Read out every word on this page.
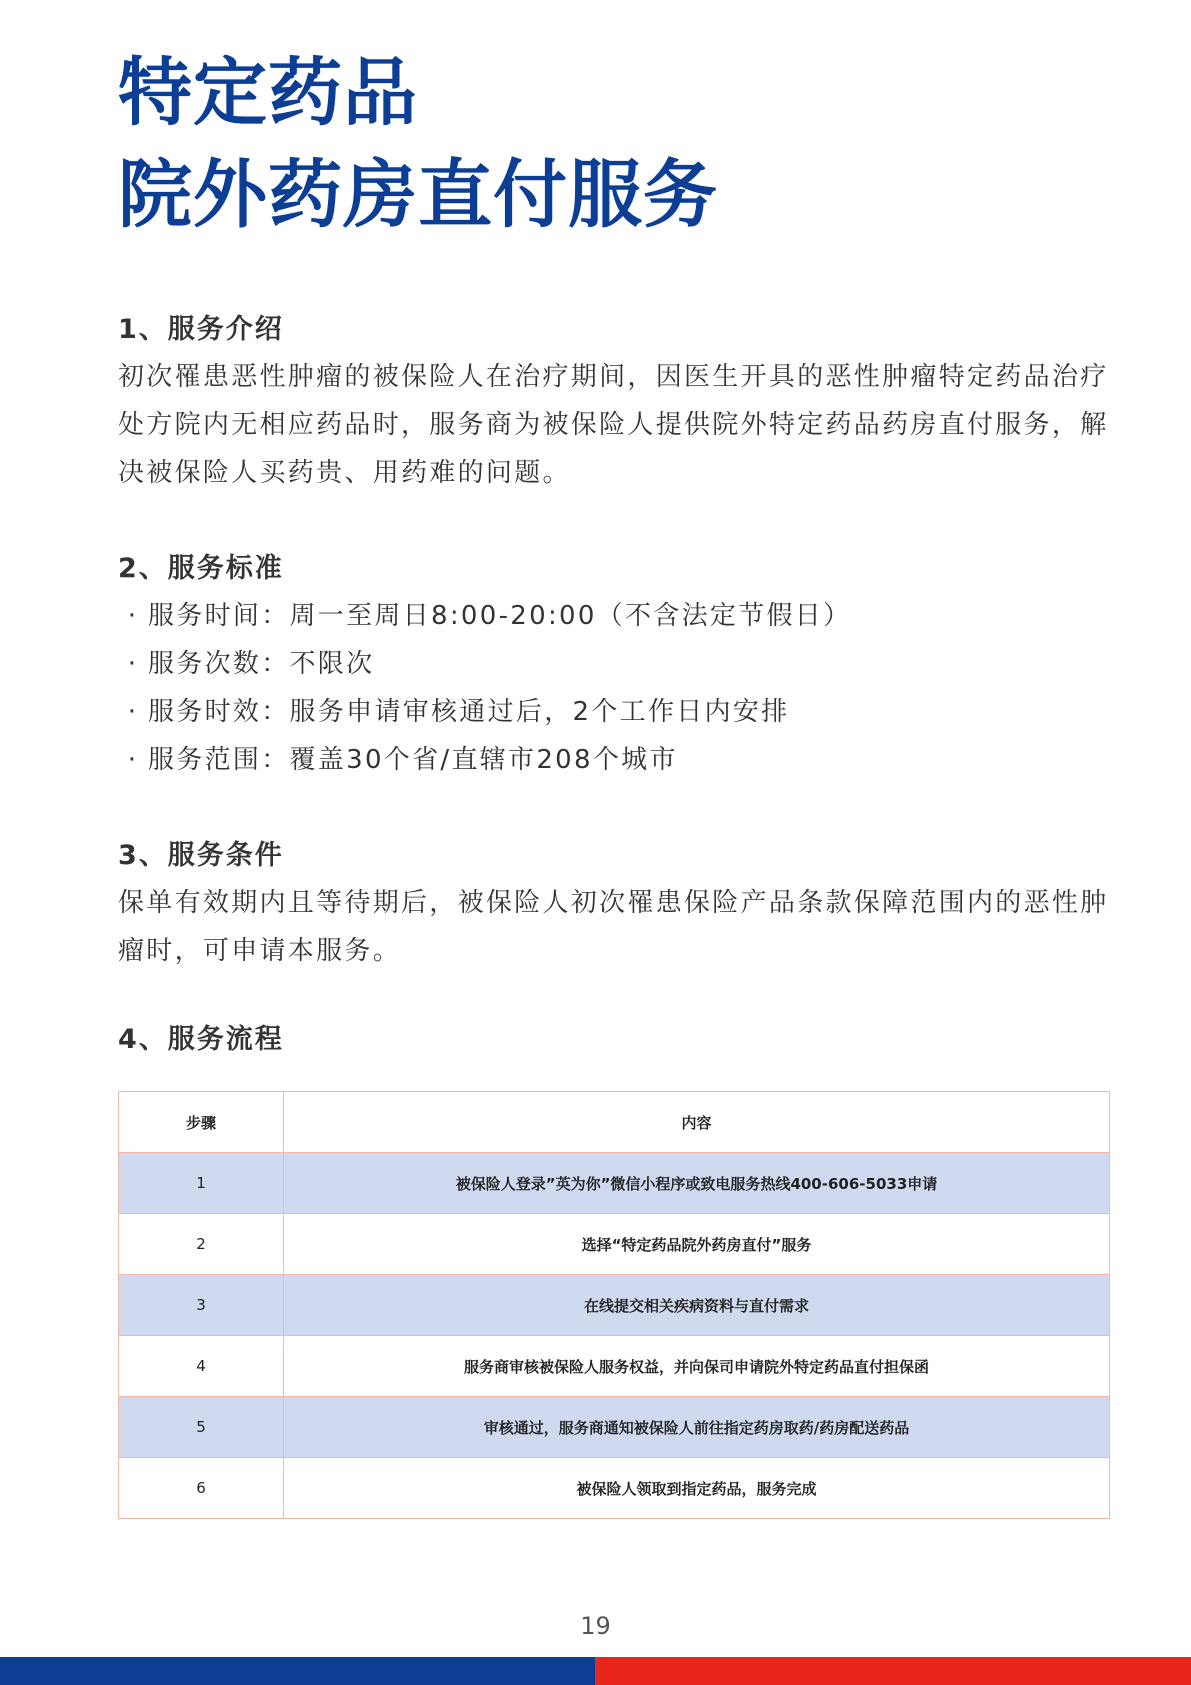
特定药品
院外药房直付服务
1、服务介绍

初次罹患恶性肿瘤的被保险人在治疗期间，因医生开具的恶性肿瘤特定药品治疗处方院内无相应药品时，服务商为被保险人提供院外特定药品药房直付服务，解决被保险人买药贵、用药难的问题。

2、服务标准
· 服务时间：周一至周日8:00-20:00（不含法定节假日）
· 服务次数：不限次
· 服务时效：服务申请审核通过后，2个工作日内安排
· 服务范围：覆盖30个省/直辖市208个城市
3、服务条件

保单有效期内且等待期后，被保险人初次罹患保险产品条款保障范围内的恶性肿瘤时，可申请本服务。

4、服务流程
步骤	内容
1	被保险人登录”英为你”微信小程序或致电服务热线400-606-5033申请
2	选择“特定药品院外药房直付”服务
3	在线提交相关疾病资料与直付需求
4	服务商审核被保险人服务权益，并向保司申请院外特定药品直付担保函
5	审核通过，服务商通知被保险人前往指定药房取药/药房配送药品
6	被保险人领取到指定药品，服务完成
19
